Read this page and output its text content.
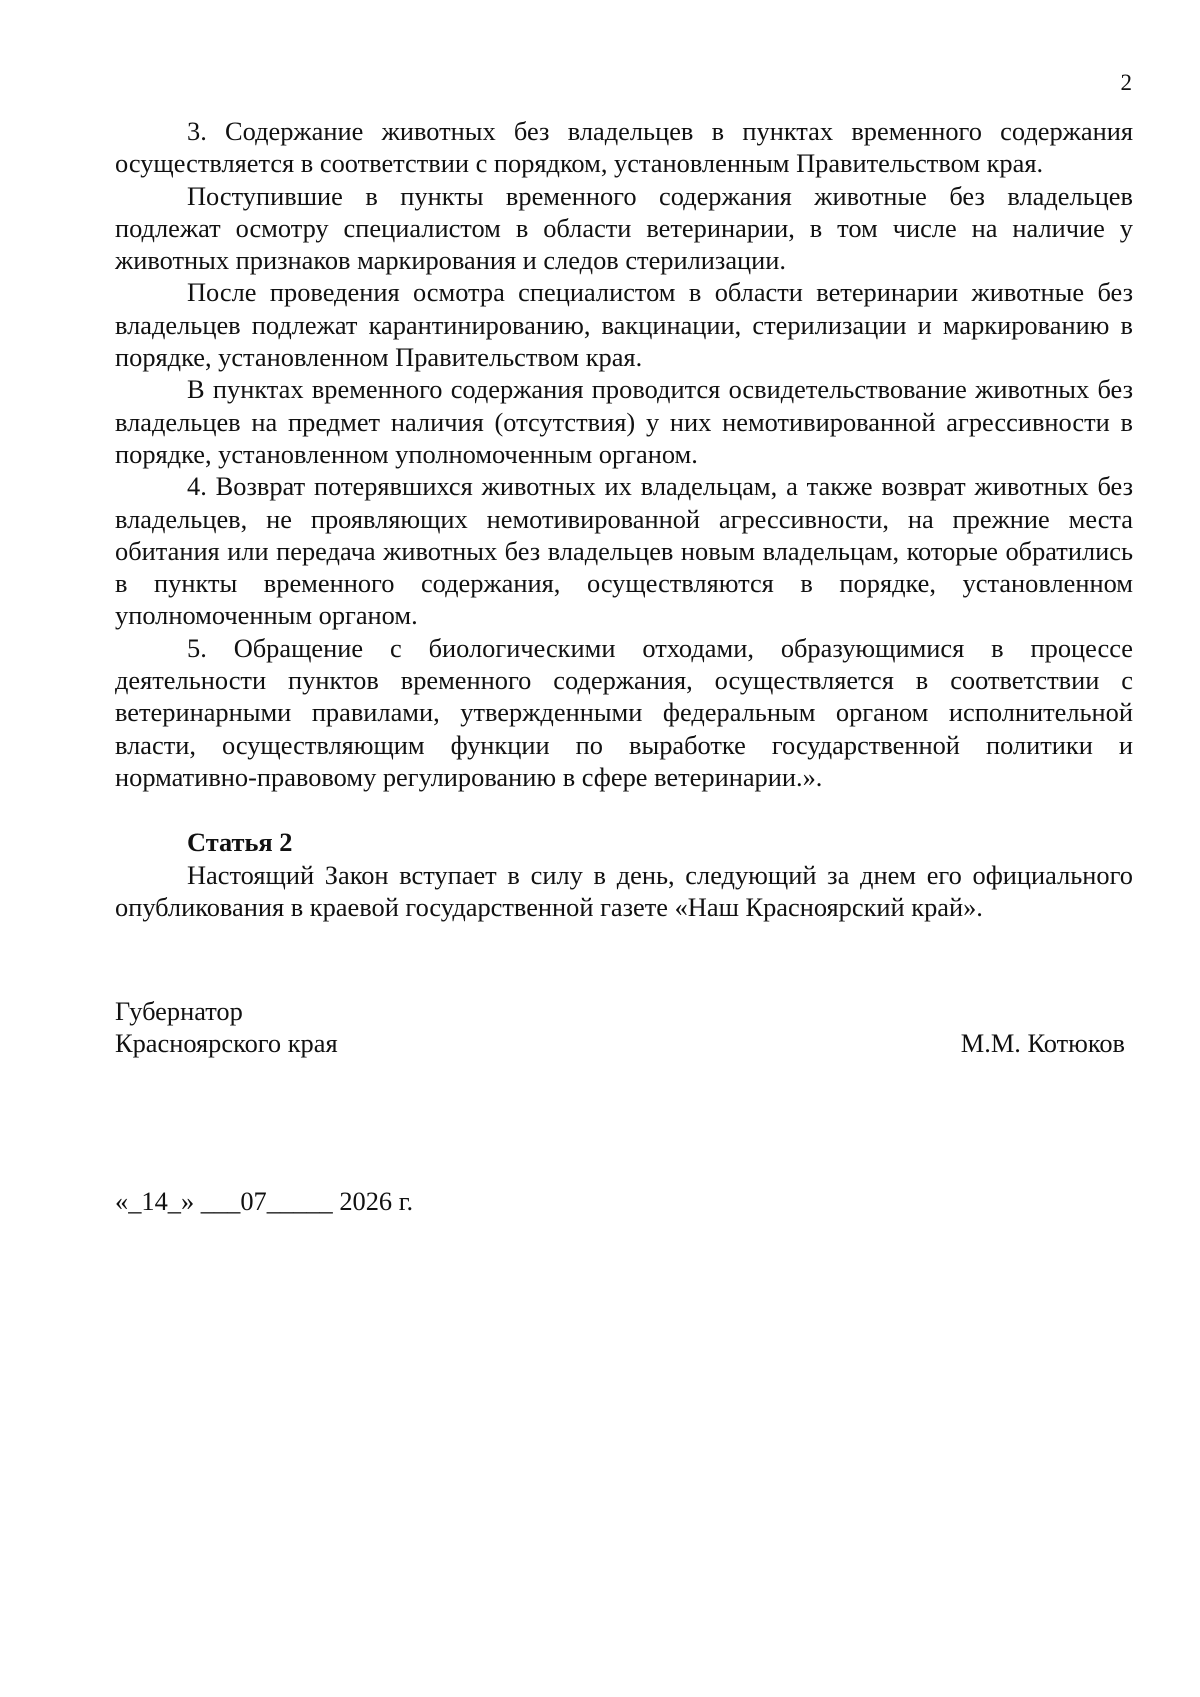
2

3. Содержание животных без владельцев в пунктах временного содержания осуществляется в соответствии с порядком, установленным Правительством края.

Поступившие в пункты временного содержания животные без владельцев подлежат осмотру специалистом в области ветеринарии, в том числе на наличие у животных признаков маркирования и следов стерилизации.

После проведения осмотра специалистом в области ветеринарии животные без владельцев подлежат карантинированию, вакцинации, стерилизации и маркированию в порядке, установленном Правительством края.

В пунктах временного содержания проводится освидетельствование животных без владельцев на предмет наличия (отсутствия) у них немотивированной агрессивности в порядке, установленном уполномоченным органом.

4. Возврат потерявшихся животных их владельцам, а также возврат животных без владельцев, не проявляющих немотивированной агрессивности, на прежние места обитания или передача животных без владельцев новым владельцам, которые обратились в пункты временного содержания, осуществляются в порядке, установленном уполномоченным органом.

5. Обращение с биологическими отходами, образующимися в процессе деятельности пунктов временного содержания, осуществляется в соответствии с ветеринарными правилами, утвержденными федеральным органом исполнительной власти, осуществляющим функции по выработке государственной политики и нормативно-правовому регулированию в сфере ветеринарии.».

Статья 2

Настоящий Закон вступает в силу в день, следующий за днем его официального опубликования в краевой государственной газете «Наш Красноярский край».

Губернатор
Красноярского края	М.М. Котюков
«_14_» ___07_____ 2026 г.
